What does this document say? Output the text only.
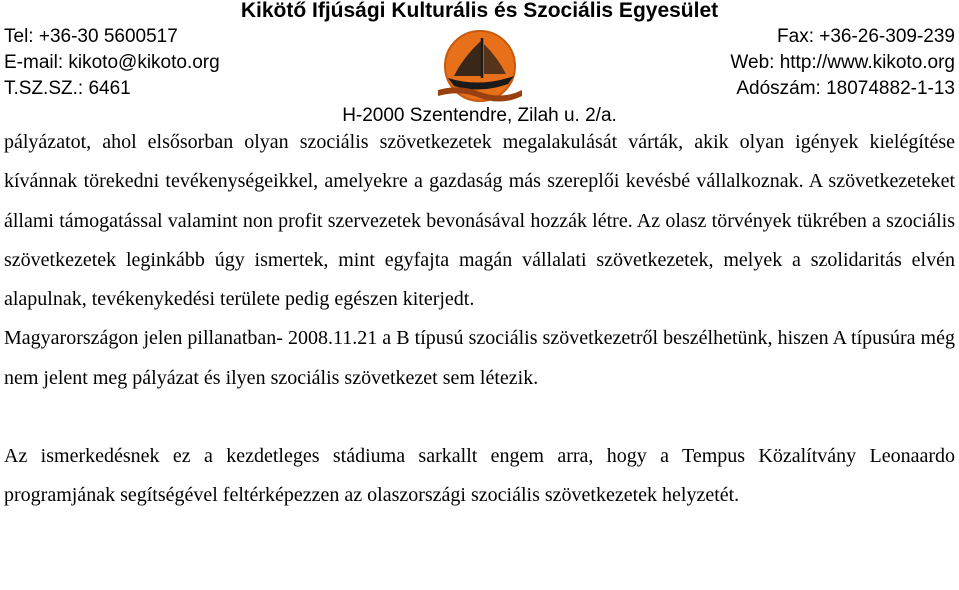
Kikötő Ifjúsági Kulturális és Szociális Egyesület
Tel: +36-30 5600517	Fax: +36-26-309-239
E-mail: kikoto@kikoto.org	Web: http://www.kikoto.org
T.SZ.SZ.: 6461	Adószám: 18074882-1-13
H-2000 Szentendre, Zilah u. 2/a.

pályázatot, ahol elsősorban olyan szociális szövetkezetek megalakulását várták, akik olyan igények kielégítése kívánnak törekedni tevékenységeikkel, amelyekre a gazdaság más szereplői kevésbé vállalkoznak. A szövetkezeteket állami támogatással valamint non profit szervezetek bevonásával hozzák létre. Az olasz törvények tükrében a szociális szövetkezetek leginkább úgy ismertek, mint egyfajta magán vállalati szövetkezetek, melyek a szolidaritás elvén alapulnak, tevékenykedési területe pedig egészen kiterjedt.

Magyarországon jelen pillanatban- 2008.11.21 a B típusú szociális szövetkezetről beszélhetünk, hiszen A típusúra még nem jelent meg pályázat és ilyen szociális szövetkezet sem létezik.

Az ismerkedésnek ez a kezdetleges stádiuma sarkallt engem arra, hogy a Tempus Közalítvány Leonaardo programjának segítségével feltérképezzen az olaszországi szociális szövetkezetek helyzetét.
